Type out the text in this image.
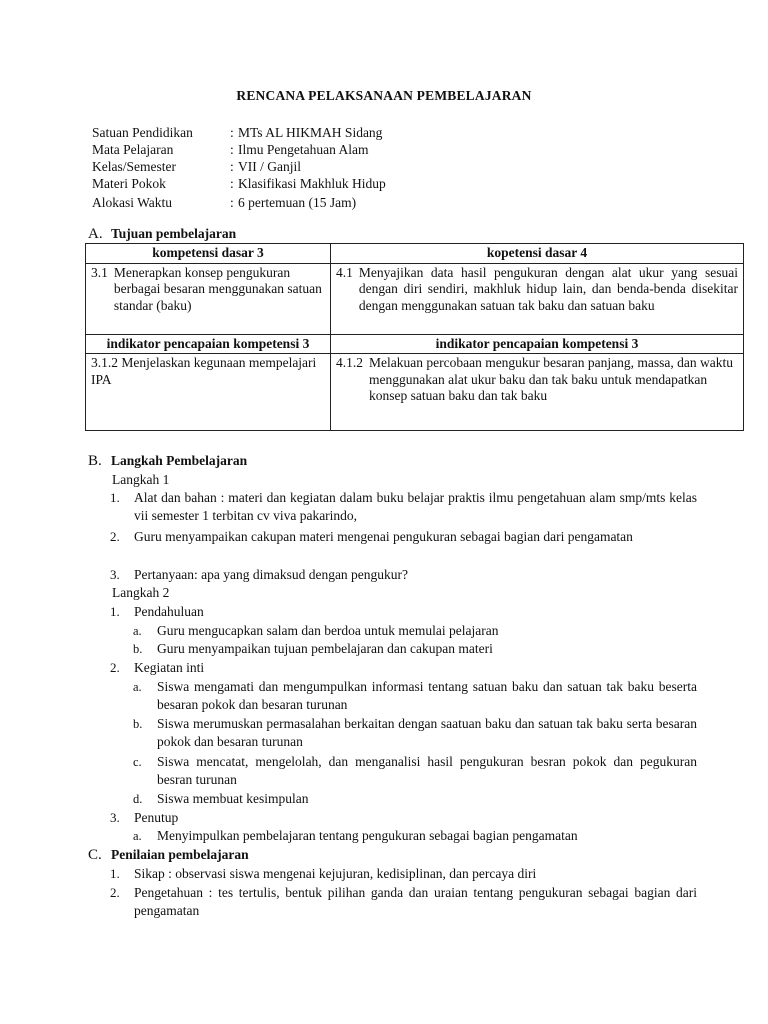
RENCANA PELAKSANAAN PEMBELAJARAN
Satuan Pendidikan	: MTs AL HIKMAH Sidang
Mata Pelajaran	: Ilmu Pengetahuan Alam
Kelas/Semester	: VII / Ganjil
Materi Pokok	: Klasifikasi Makhluk Hidup
Alokasi Waktu	: 6 pertemuan (15 Jam)
A. Tujuan pembelajaran
kompetensi dasar 3	kopetensi dasar 4

3.1 Menerapkan konsep pengukuran berbagai besaran menggunakan satuan standar (baku)	4.1 Menyajikan data hasil pengukuran dengan alat ukur yang sesuai dengan diri sendiri, makhluk hidup lain, dan benda-benda disekitar dengan menggunakan satuan tak baku dan satuan baku

indikator pencapaian kompetensi 3	indikator pencapaian kompetensi 3
3.1.2 Menjelaskan kegunaan mempelajari IPA	4.1.2 Melakuan percobaan mengukur besaran panjang, massa, dan waktu menggunakan alat ukur baku dan tak baku untuk mendapatkan konsep satuan baku dan tak baku
B. Langkah Pembelajaran
Langkah 1
1.	Alat dan bahan : materi dan kegiatan dalam buku belajar praktis ilmu pengetahuan alam smp/mts kelas vii semester 1 terbitan cv viva pakarindo,
2.	Guru menyampaikan cakupan materi mengenai pengukuran sebagai bagian dari pengamatan
3.	Pertanyaan: apa yang dimaksud dengan pengukur?
Langkah 2
1.	Pendahuluan
a.	Guru mengucapkan salam dan berdoa untuk memulai pelajaran
b.	Guru menyampaikan tujuan pembelajaran dan cakupan materi
2.	Kegiatan inti
a.	Siswa mengamati dan mengumpulkan informasi tentang satuan baku dan satuan tak baku beserta besaran pokok dan besaran turunan
b.	Siswa merumuskan permasalahan berkaitan dengan saatuan baku dan satuan tak baku serta besaran pokok dan besaran turunan
c.	Siswa mencatat, mengelolah, dan menganalisi hasil pengukuran besran pokok dan pegukuran besran turunan
d.	Siswa membuat kesimpulan
3.	Penutup
a.	Menyimpulkan pembelajaran tentang pengukuran sebagai bagian pengamatan
1.	Sikap : observasi siswa mengenai kejujuran, kedisiplinan, dan percaya diri
2.	Pengetahuan : tes tertulis, bentuk pilihan ganda dan uraian tentang pengukuran sebagai bagian dari pengamatan
C. Penilaian pembelajaran
